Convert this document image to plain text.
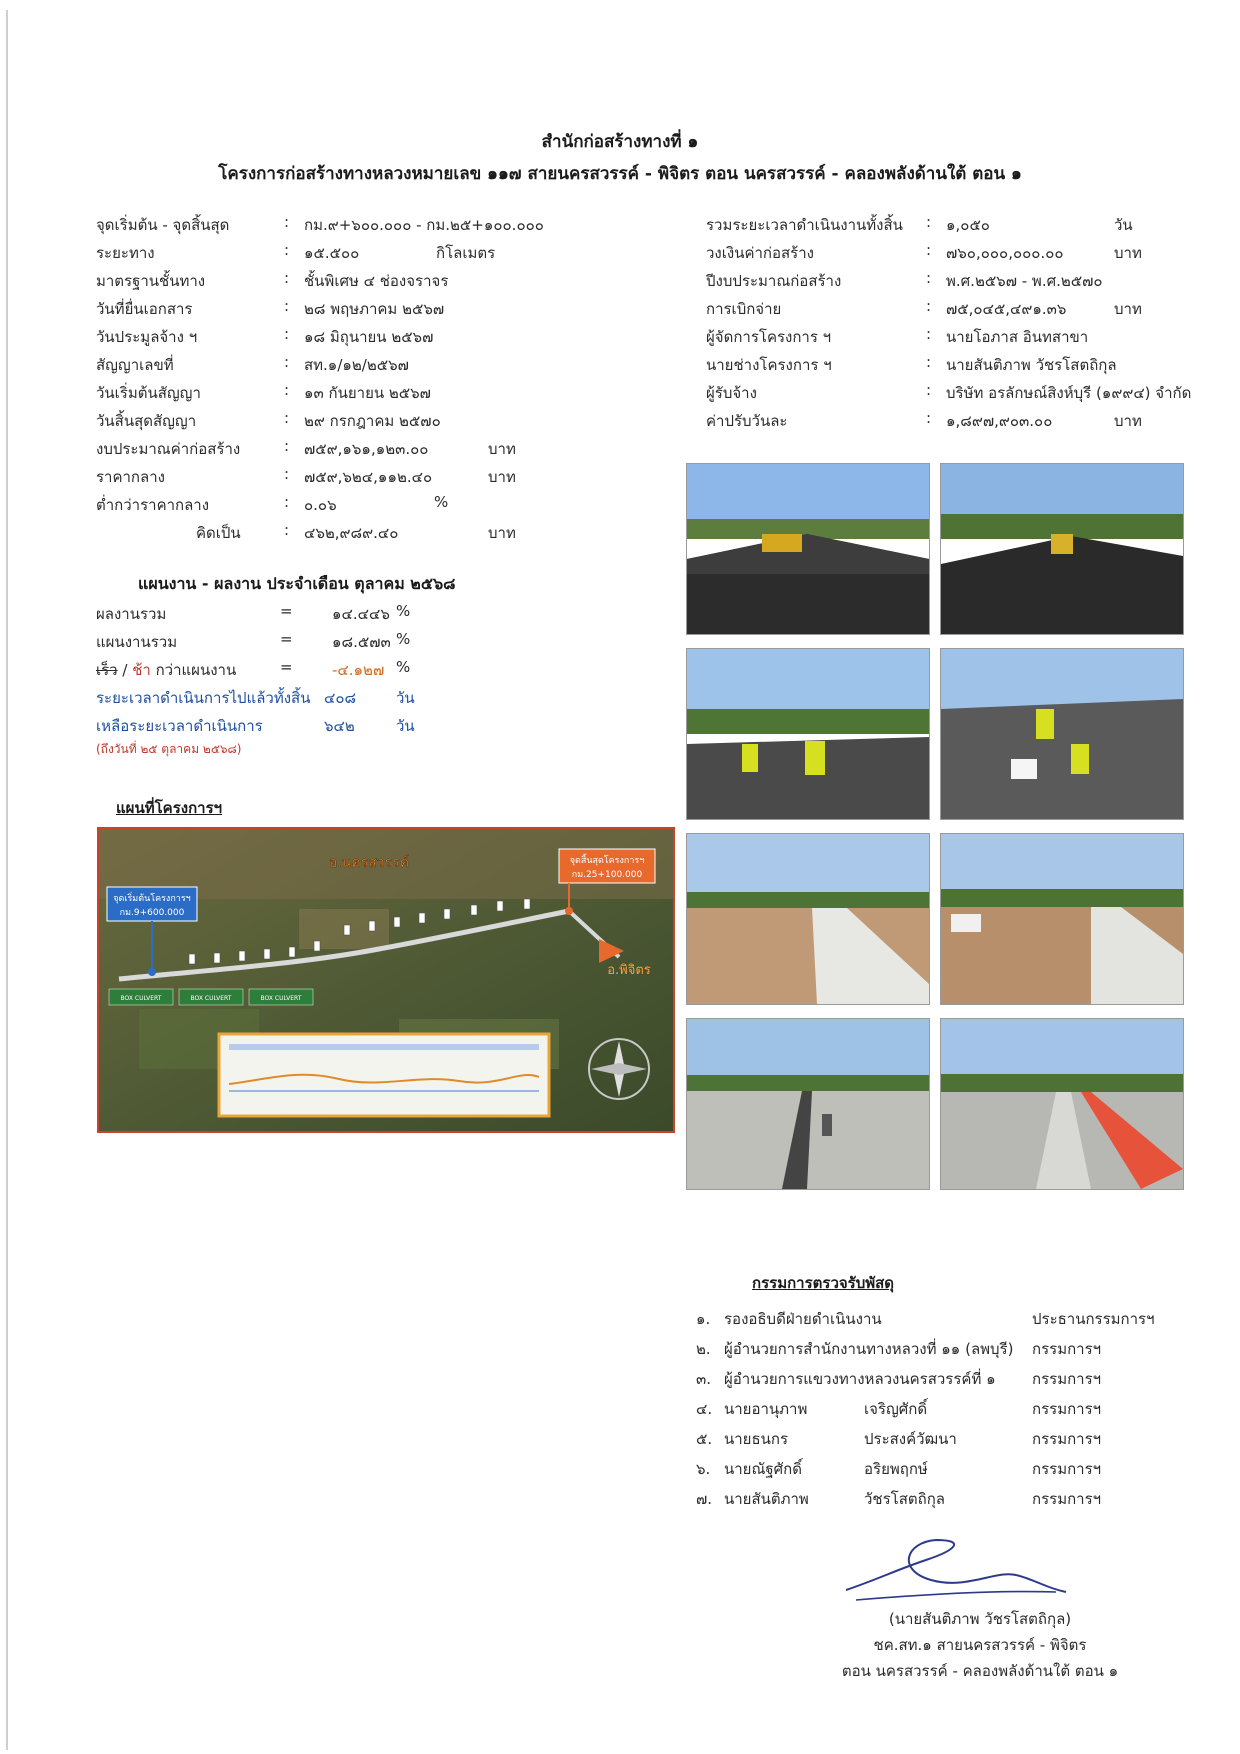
สำนักก่อสร้างทางที่ ๑
โครงการก่อสร้างทางหลวงหมายเลข ๑๑๗ สายนครสวรรค์ - พิจิตร ตอน นครสวรรค์ - คลองพลังด้านใต้ ตอน ๑
จุดเริ่มต้น - จุดสิ้นสุด	: กม.๙+๖๐๐.๐๐๐ - กม.๒๕+๑๐๐.๐๐๐
ระยะทาง	: ๑๕.๕๐๐	กิโลเมตร
มาตรฐานชั้นทาง	: ชั้นพิเศษ ๔ ช่องจราจร
วันที่ยื่นเอกสาร	: ๒๘ พฤษภาคม ๒๕๖๗
วันประมูลจ้าง ฯ	: ๑๘ มิถุนายน ๒๕๖๗
สัญญาเลขที่	: สท.๑/๑๒/๒๕๖๗
วันเริ่มต้นสัญญา	: ๑๓ กันยายน ๒๕๖๗
วันสิ้นสุดสัญญา	: ๒๙ กรกฎาคม ๒๕๗๐
งบประมาณค่าก่อสร้าง	: ๗๕๙,๑๖๑,๑๒๓.๐๐	บาท
ราคากลาง	: ๗๕๙,๖๒๔,๑๑๒.๔๐	บาท
ต่ำกว่าราคากลาง	: ๐.๐๖	%
คิดเป็น	: ๔๖๒,๙๘๙.๔๐	บาท
รวมระยะเวลาดำเนินงานทั้งสิ้น : ๑,๐๕๐	วัน
วงเงินค่าก่อสร้าง	: ๗๖๐,๐๐๐,๐๐๐.๐๐	บาท
ปีงบประมาณก่อสร้าง	: พ.ศ.๒๕๖๗ - พ.ศ.๒๕๗๐
การเบิกจ่าย	: ๗๕,๐๔๕,๔๙๑.๓๖	บาท
ผู้จัดการโครงการ ฯ	: นายโอภาส อินทสาขา
นายช่างโครงการ ฯ	: นายสันติภาพ วัชรโสตถิกุล
ผู้รับจ้าง	: บริษัท อรลักษณ์สิงห์บุรี (๑๙๙๔) จำกัด
ค่าปรับวันละ	: ๑,๘๙๗,๙๐๓.๐๐	บาท
แผนงาน - ผลงาน ประจำเดือน ตุลาคม ๒๕๖๘
ผลงานรวม	=	๑๔.๔๔๖ %
แผนงานรวม	=	๑๘.๕๗๓ %
เร็ว / ช้า กว่าแผนงาน	=	-๔.๑๒๗ %
ระยะเวลาดำเนินการไปแล้วทั้งสิ้น ๔๐๘	วัน
เหลือระยะเวลาดำเนินการ	๖๔๒	วัน
(ถึงวันที่ ๒๕ ตุลาคม ๒๕๖๘)
แผนที่โครงการฯ
จุดเริ่มต้นโครงการฯ
กม.9+600.000
อ.นครสวรรค์	จุดสิ้นสุดโครงการฯ
กม.25+100.000
อ.พิจิตร
BOX CULVERT	BOX CULVERT	BOX CULVERT
กรรมการตรวจรับพัสดุ
๑. รองอธิบดีฝ่ายดำเนินงาน	ประธานกรรมการฯ
๒. ผู้อำนวยการสำนักงานทางหลวงที่ ๑๑ (ลพบุรี) กรรมการฯ
๓. ผู้อำนวยการแขวงทางหลวงนครสวรรค์ที่ ๑ กรรมการฯ
๔. นายอานุภาพ	เจริญศักดิ์	กรรมการฯ
๕. นายธนกร	ประสงค์วัฒนา	กรรมการฯ
๖. นายณัฐศักดิ์	อริยพฤกษ์	กรรมการฯ
๗. นายสันติภาพ	วัชรโสตถิกุล	กรรมการฯ
(นายสันติภาพ วัชรโสตถิกุล)
ชค.สท.๑ สายนครสวรรค์ - พิจิตร
ตอน นครสวรรค์ - คลองพลังด้านใต้ ตอน ๑
